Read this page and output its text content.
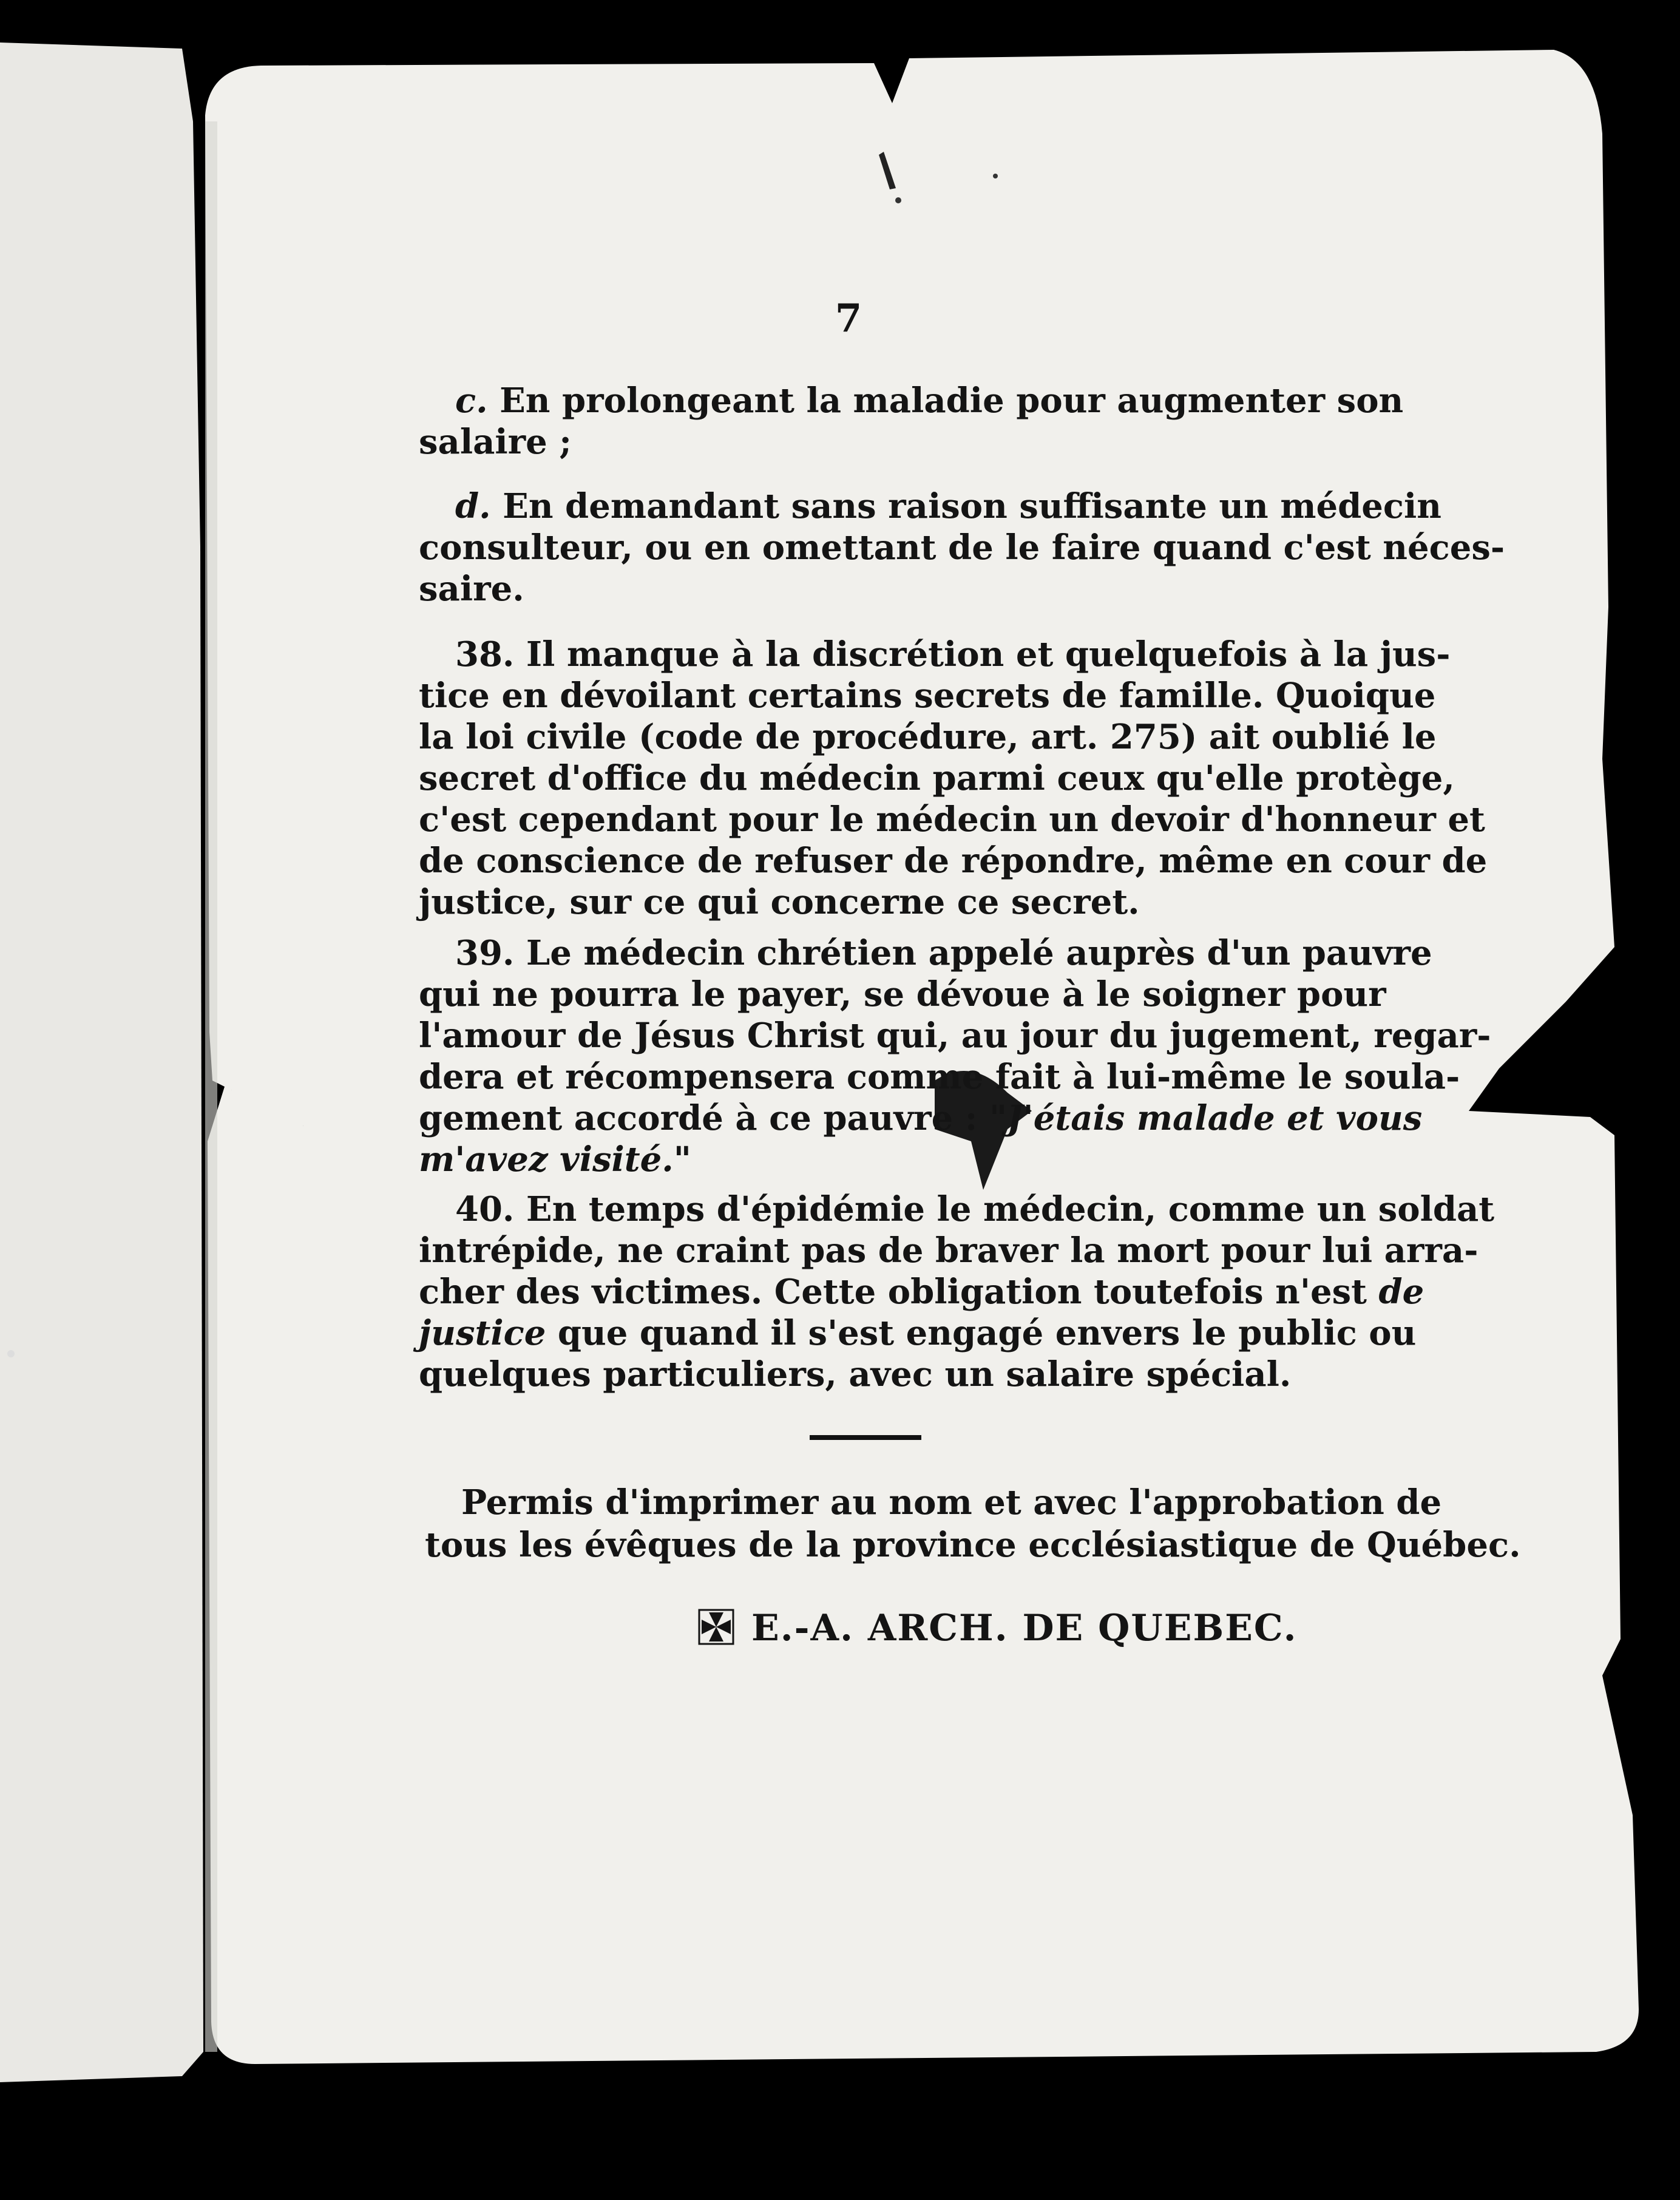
7
c. En prolongeant la maladie pour augmenter son
salaire ;
d. En demandant sans raison suffisante un médecin
consulteur, ou en omettant de le faire quand c'est néces-
saire.
38. Il manque à la discrétion et quelquefois à la jus-
tice en dévoilant certains secrets de famille. Quoique
la loi civile (code de procédure, art. 275) ait oublié le
secret d'office du médecin parmi ceux qu'elle protège,
c'est cependant pour le médecin un devoir d'honneur et
de conscience de refuser de répondre, même en cour de
justice, sur ce qui concerne ce secret.
39. Le médecin chrétien appelé auprès d'un pauvre
qui ne pourra le payer, se dévoue à le soigner pour
l'amour de Jésus Christ qui, au jour du jugement, regar-
dera et récompensera comme fait à lui-même le soula-
gement accordé à ce pauvre : "J'étais malade et vous
m'avez visité."
40. En temps d'épidémie le médecin, comme un soldat
intrépide, ne craint pas de braver la mort pour lui arra-
cher des victimes. Cette obligation toutefois n'est de
justice que quand il s'est engagé envers le public ou
quelques particuliers, avec un salaire spécial.
Permis d'imprimer au nom et avec l'approbation de
tous les évêques de la province ecclésiastique de Québec.
E.-A. ARCH. DE QUEBEC.
